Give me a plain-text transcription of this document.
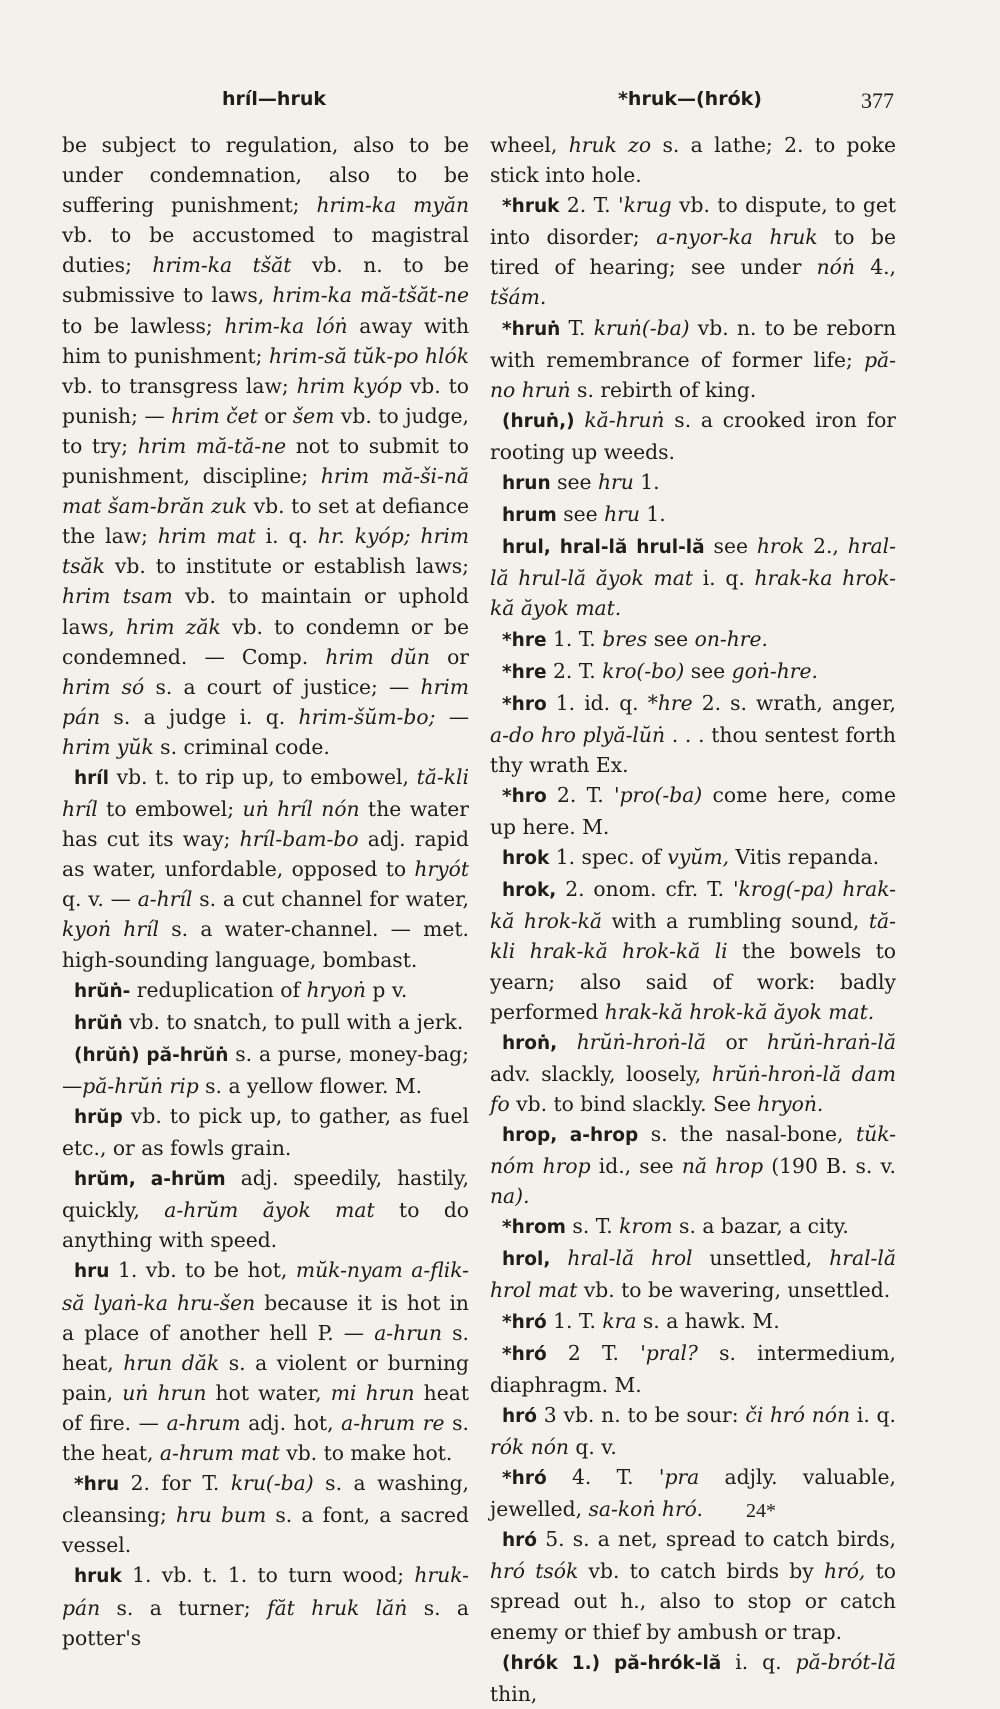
hríl—hruk	*hruk—(hrók)	377

be subject to regulation, also to be under condemnation, also to be suffering punishment; hrim-ka myăn vb. to be accustomed to magistral duties; hrim-ka tšăt vb. n. to be submissive to laws, hrim-ka mă-tšăt-ne to be lawless; hrim-ka lóṅ away with him to punishment; hrim-să tŭk-po hlók vb. to transgress law; hrim kyóp vb. to punish; — hrim čet or šem vb. to judge, to try; hrim mă-tă-ne not to submit to punishment, discipline; hrim mă-ši-nă mat šam-brăn zuk vb. to set at defiance the law; hrim mat i. q. hr. kyóp; hrim tsăk vb. to institute or establish laws; hrim tsam vb. to maintain or uphold laws, hrim zăk vb. to condemn or be condemned. — Comp. hrim dŭn or hrim só s. a court of justice; — hrim pán s. a judge i. q. hrim-šŭm-bo; — hrim yŭk s. criminal code.

hríl vb. t. to rip up, to embowel, tă-kli hríl to embowel; uṅ hríl nón the water has cut its way; hríl-bam-bo adj. rapid as water, unfordable, opposed to hryót q. v. — a-hríl s. a cut channel for water, kyoṅ hríl s. a water-channel. — met. high-sounding language, bombast.

hrŭṅ- reduplication of hryoṅ p v.

hrŭṅ vb. to snatch, to pull with a jerk.

(hrŭṅ) pă-hrŭṅ s. a purse, money-bag; —pă-hrŭṅ rip s. a yellow flower. M.

hrŭp vb. to pick up, to gather, as fuel etc., or as fowls grain.

hrŭm, a-hrŭm adj. speedily, hastily, quickly, a-hrŭm ăyok mat to do anything with speed.

hru 1. vb. to be hot, mŭk-nyam a-flik-să lyaṅ-ka hru-šen because it is hot in a place of another hell P. — a-hrun s. heat, hrun dăk s. a violent or burning pain, uṅ hrun hot water, mi hrun heat of fire. — a-hrum adj. hot, a-hrum re s. the heat, a-hrum mat vb. to make hot.

*hru 2. for T. kru(-ba) s. a washing, cleansing; hru bum s. a font, a sacred vessel.

hruk 1. vb. t. 1. to turn wood; hruk-pán s. a turner; făt hruk lăṅ s. a potter's

wheel, hruk zo s. a lathe; 2. to poke stick into hole.

*hruk 2. T. 'krug vb. to dispute, to get into disorder; a-nyor-ka hruk to be tired of hearing; see under nóṅ 4., tšám.

*hruṅ T. kruṅ(-ba) vb. n. to be reborn with remembrance of former life; pă-no hruṅ s. rebirth of king.

(hruṅ,) kă-hruṅ s. a crooked iron for rooting up weeds.

hrun see hru 1.

hrum see hru 1.

hrul, hral-lă hrul-lă see hrok 2., hral-lă hrul-lă ăyok mat i. q. hrak-ka hrok-kă ăyok mat.

*hre 1. T. bres see on-hre.

*hre 2. T. kro(-bo) see goṅ-hre.

*hro 1. id. q. *hre 2. s. wrath, anger, a-do hro plyă-lŭṅ . . . thou sentest forth thy wrath Ex.

*hro 2. T. 'pro(-ba) come here, come up here. M.

hrok 1. spec. of vyŭm, Vitis repanda.

hrok, 2. onom. cfr. T. 'krog(-pa) hrak-kă hrok-kă with a rumbling sound, tă-kli hrak-kă hrok-kă li the bowels to yearn; also said of work: badly performed hrak-kă hrok-kă ăyok mat.

hroṅ, hrŭṅ-hroṅ-lă or hrŭṅ-hraṅ-lă adv. slackly, loosely, hrŭṅ-hroṅ-lă dam fo vb. to bind slackly. See hryoṅ.

hrop, a-hrop s. the nasal-bone, tŭk-nóm hrop id., see nă hrop (190 B. s. v. na).

*hrom s. T. krom s. a bazar, a city.

hrol, hral-lă hrol unsettled, hral-lă hrol mat vb. to be wavering, unsettled.

*hró 1. T. kra s. a hawk. M.

*hró 2 T. 'pral? s. intermedium, diaphragm. M.

hró 3 vb. n. to be sour: či hró nón i. q. rók nón q. v.

*hró 4. T. 'pra adjly. valuable, jewelled, sa-koṅ hró.

hró 5. s. a net, spread to catch birds, hró tsók vb. to catch birds by hró, to spread out h., also to stop or catch enemy or thief by ambush or trap.

(hrók 1.) pă-hrók-lă i. q. pă-brót-lă thin,

24*
